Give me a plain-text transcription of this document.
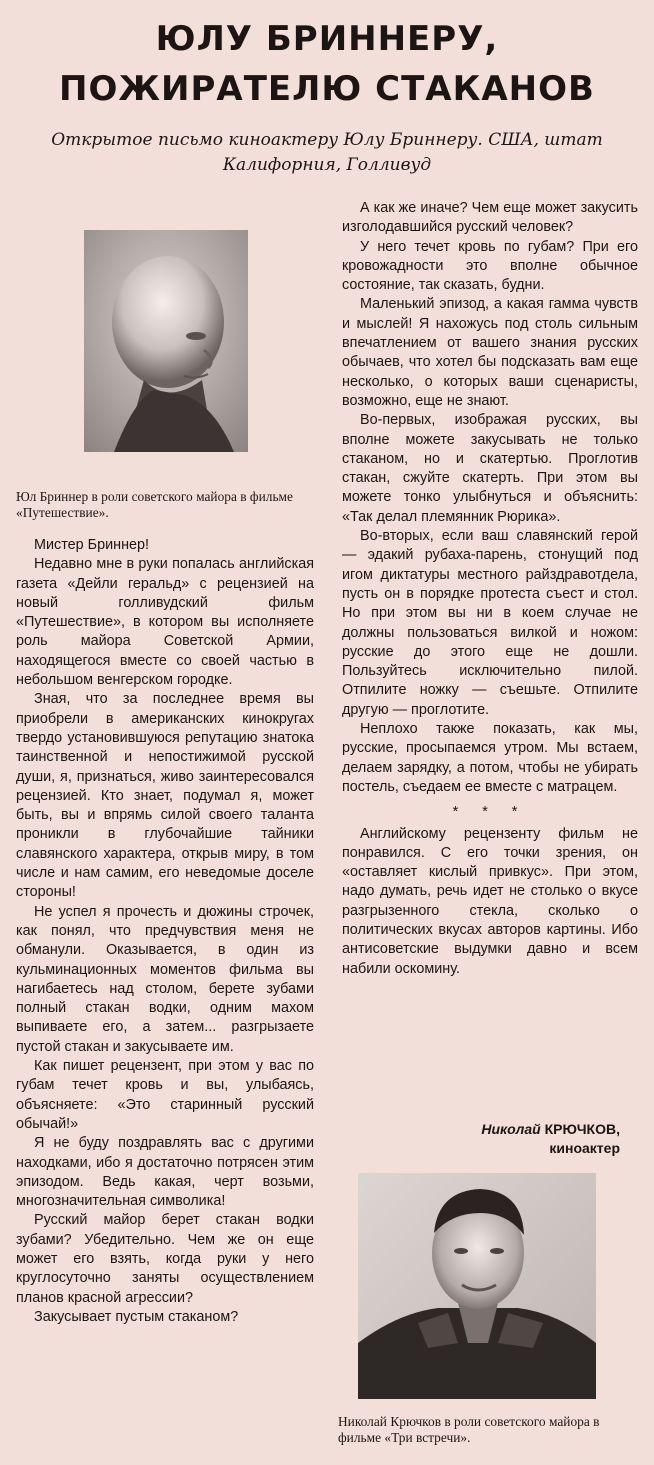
ЮЛУ БРИННЕРУ,
ПОЖИРАТЕЛЮ СТАКАНОВ

Открытое письмо киноактеру Юлу Бриннеру. США, штат Калифорния, Голливуд

Юл Бриннер в роли советского майора в фильме «Путешествие».

Мистер Бриннер!

Недавно мне в руки попалась английская газета «Дейли геральд» с рецензией на новый голливудский фильм «Путешествие», в котором вы исполняете роль майора Советской Армии, находящегося вместе со своей частью в небольшом венгерском городке.

Зная, что за последнее время вы приобрели в американских кинокругах твердо установившуюся репутацию знатока таинственной и непостижимой русской души, я, признаться, живо заинтересовался рецензией. Кто знает, подумал я, может быть, вы и впрямь силой своего таланта проникли в глубочайшие тайники славянского характера, открыв миру, в том числе и нам самим, его неведомые доселе стороны!

Не успел я прочесть и дюжины строчек, как понял, что предчувствия меня не обманули. Оказывается, в один из кульминационных моментов фильма вы нагибаетесь над столом, берете зубами полный стакан водки, одним махом выпиваете его, а затем... разгрызаете пустой стакан и закусываете им.

Как пишет рецензент, при этом у вас по губам течет кровь и вы, улыбаясь, объясняете: «Это старинный русский обычай!»

Я не буду поздравлять вас с другими находками, ибо я достаточно потрясен этим эпизодом. Ведь какая, черт возьми, многозначительная символика!

Русский майор берет стакан водки зубами? Убедительно. Чем же он еще может его взять, когда руки у него круглосуточно заняты осуществлением планов красной агрессии?

Закусывает пустым стаканом?

А как же иначе? Чем еще может закусить изголодавшийся русский человек?

У него течет кровь по губам? При его кровожадности это вполне обычное состояние, так сказать, будни.

Маленький эпизод, а какая гамма чувств и мыслей! Я нахожусь под столь сильным впечатлением от вашего знания русских обычаев, что хотел бы подсказать вам еще несколько, о которых ваши сценаристы, возможно, еще не знают.

Во-первых, изображая русских, вы вполне можете закусывать не только стаканом, но и скатертью. Проглотив стакан, сжуйте скатерть. При этом вы можете тонко улыбнуться и объяснить: «Так делал племянник Рюрика».

Во-вторых, если ваш славянский герой — эдакий рубаха-парень, стонущий под игом диктатуры местного райздравотдела, пусть он в порядке протеста съест и стол. Но при этом вы ни в коем случае не должны пользоваться вилкой и ножом: русские до этого еще не дошли. Пользуйтесь исключительно пилой. Отпилите ножку — съешьте. Отпилите другую — проглотите.

Неплохо также показать, как мы, русские, просыпаемся утром. Мы встаем, делаем зарядку, а потом, чтобы не убирать постель, съедаем ее вместе с матрацем.

* * *

Английскому рецензенту фильм не понравился. С его точки зрения, он «оставляет кислый привкус». При этом, надо думать, речь идет не столько о вкусе разгрызенного стекла, сколько о политических вкусах авторов картины. Ибо антисоветские выдумки давно и всем набили оскомину.

Николай КРЮЧКОВ,
киноактер
Николай Крючков в роли советского майора в фильме «Три встречи».
